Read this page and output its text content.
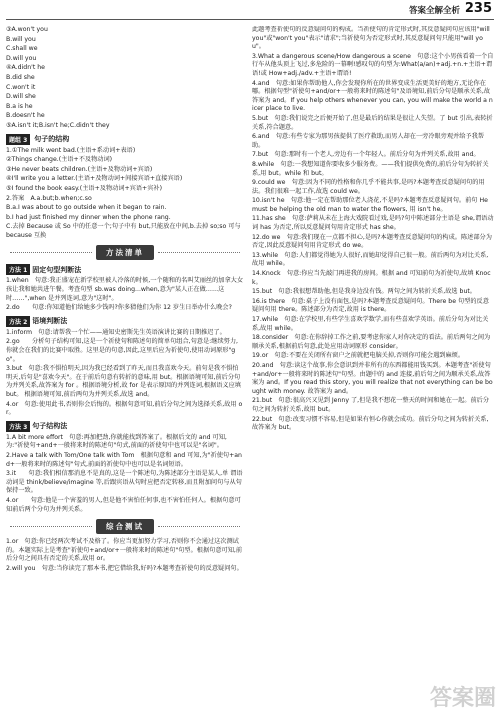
答案全解全析 235
③A.won't you
B.will you
C.shall we
D.will you
④A.didn't he
B.did she
C.won't it
D.will she
B.a is he
B.doesn't he
⑤A.isn't it;B.isn't he;C.didn't they
题组 3	句子的结构
1.①The milk went bad.(主语+系动词+表语)
②Things change.(主语+不及物动词)
③He never beats children.(主语+及物动词+宾语)
④I'll write you a letter.(主语+及物动词+间接宾语+直接宾语)
⑤I found the book easy.(主语+及物动词+宾语+宾补)
2.答案　A.a.but;b.when;c.so
B.a.I was about to go outside when it began to rain.
b.I had just finished my dinner when the phone rang.
C.去掉 Because 或 So 中的任意一个;句子中有 but,只能放在中间,b.去掉 so;so 可与 because 互换
方法清单
方法 1 固定句型判断法
1.when　句意:我正盛宠在新学校里被人冷落的时候,一个随和的名叫艾丽丝的加拿大女孩让我和她共进午餐。考查句型 sb.was doing...when,意为"某人正在做……这时……",when 是并列连词,意为"这时"。
2.do　　句意:你知道他们给她多少钱吗?你多猜他们为你 12 岁生日举办什么晚会?
方法 2 语境判断法
1.inform　句意:请帮我一个忙——通知史密斯先生英语演讲比赛的日期推迟了。
2.go　　分析句子结构可知,这是一个祈使句和陈述句的简单句组合,句意是:继续努力,你就会在我们的比赛中取胜。这里是的句意,因此,这里后应为祈使句,使用动词原形"go"。
3.but　句意:我不惧怕明天,因为我已经看到了昨天,而且我喜欢今天。前句是我不惧怕明天,后句是"喜欢今天"。在于前后句意有转折的意味,用 but。根据语境可知,前后分句为并列关系,故答案为 for 。根据语境分析,故 for 是表示原因的并列连词,根据语义应填 but。 根据语境可知,前后两句为并列关系,故选 and。
4.or　句意:使用此书,否则你会后悔的。根据句意可知,前后分句之间为选择关系,故用 or。
方法 3 句子结构法
1.A bit more effort　句意:再加把劲,你就能找到答案了。根据后文的 and 可知,为:"祈使句+and+一般将来时的陈述句"句式,前面的祈使句中也可以是"名词"。
2.Have a talk with Tom/One talk with Tom　根据句意和 and 可知,为"祈使句+and+一般将来时的陈述句"句式,前面的祈使句中也可以是名词短语。
3.it　　句意:我们相信那消息不是真的,这是一个陈述句,为陈述部分主语是某人,单 谓语动词是 think/believe/imagine 等,后跟宾语从句时应把否定转移,而且附加问句与从句保持一致。
4.or　　句意:他是一个害羞的男人,但是他不害怕任何事,也不害怕任何人。根据句意可知前后两个分句为并列关系。
综合测试
1.or　句意:你已经两次考试不及格了。你应当更加努力学习,否则你不会通过这次测试的。本题实际上是考查"祈使句+and/or+一般将来时的陈述句"句型。根据句意可知,前后分句之间具有否定的关系,故用 or。
2.will you　句意:当你读完了那本书,把它借给我,好吗?本题考查祈使句的反意疑问句。
此题考查祈使句的反意疑问句的构成。当祈使句的肯定形式时,其反意疑问句应该用"will you"或"won't you"表示"请求";当祈使句为否定形式时,其反意疑问句只能用"will you"。
3.What a dangerous scene/How dangerous a scene　句意:这个小男孩看着一个自行车从他头顶上飞过,多危险的一幕啊!感叹句的句型为:What(a/an)+adj.+n.+主语+谓语!或 How+adj./adv.+主语+谓语!
4.and　句意:如果你帮助他人,你会发现你所在的世界变成生活更美好的地方,无论你在哪。根据句型"祈使句+and/or+一般将来时的陈述句"及语境知,前后分句是顺承关系,故答案为 and。If you help others whenever you can, you will make the world a nicer place to live.
5.but　句意:我们说完之后便开始了,但是最后的结果是很让人失望。了 but 引出,表转折关系,符合题意。
6.and　句意:有些专家为那男孩提供了医疗救助,而男人却在一旁冷眼旁观并给予我帮助。
7.but　句意:那时有一个老人,旁边有一个年轻人。前后分句为并列关系,故用 and。
8.while　句意:一我想知道你要收多少服务费。——我们提供免费的,前后分句为转折关系,用 but。while 和 but。
9.could we　句意:因为不同的性格和你几乎不能共事,是吗?本题考查反意疑问句的用法。我们很难一起工作,故选 could we。
10.isn't he　句意:他一定在帮助那位老人浇花,不是吗?本题考查反意疑问句。前句 He must be helping the old man to water the flowers, 用 isn't he。
11.has she　句意:萨莉从未在上海大戏院看过戏,是吗?句中陈述部分主语是 she,谓语动词 has 为否定,所以反意疑问句用肯定形式 has she。
12.do we　句意:我们现在一点都不担心,是吗?本题考查反意疑问句的构成。陈述部分为否定,因此反意疑问句用肯定形式 do we。
13.while　句意:人们都觉得她为人很好,而她却觉得自己很一般。前后两句为对比关系,故用 while。
14.Knock　句意:你应当先敲门再进我的房间。根据 and 可知前句为祈使句,故填 Knock。
15.but　句意:我很想帮助他,但是我身边没有钱。两句之间为转折关系,故选 but。
16.is there　句意:桌子上没有面包,是吗?本题考查反意疑问句。There be 句型的反意疑问句用 there。陈述部分为否定,故用 is there。
17.while　句意:在学校里,有些学生喜欢学数学,而有些喜欢学英语。前后分句为对比关系,故用 while。
18.consider　句意:在你辞掉工作之前,要考虑你家人对你决定的看法。前后两句之间为顺承关系,根据前后句意,此处应用动词原形 consider。
19.or　句意:不要在关闭所有窗户之前就把电脑关掉,否则你可能会遇到麻烦。
20.and　句意:读这个故事,你会意识到并非所有的东西都能用钱买到。本题考查"祈使句+and/or+一般将来时的陈述句"句型。由题中的 and 连接,前后句之间为顺承关系,故答案为 and。If you read this story, you will realize that not everything can be bought with money. 故答案为 and。
21.but　句意:很高兴又见到 Jenny 了,但是我不想花一整天的时间和她在一起。前后分句之间为转折关系,故用 but。
22.but　句意:改变习惯不容易,但是如果有恒心你就会成功。前后分句之间为转折关系,故答案为 but。
答案圈
